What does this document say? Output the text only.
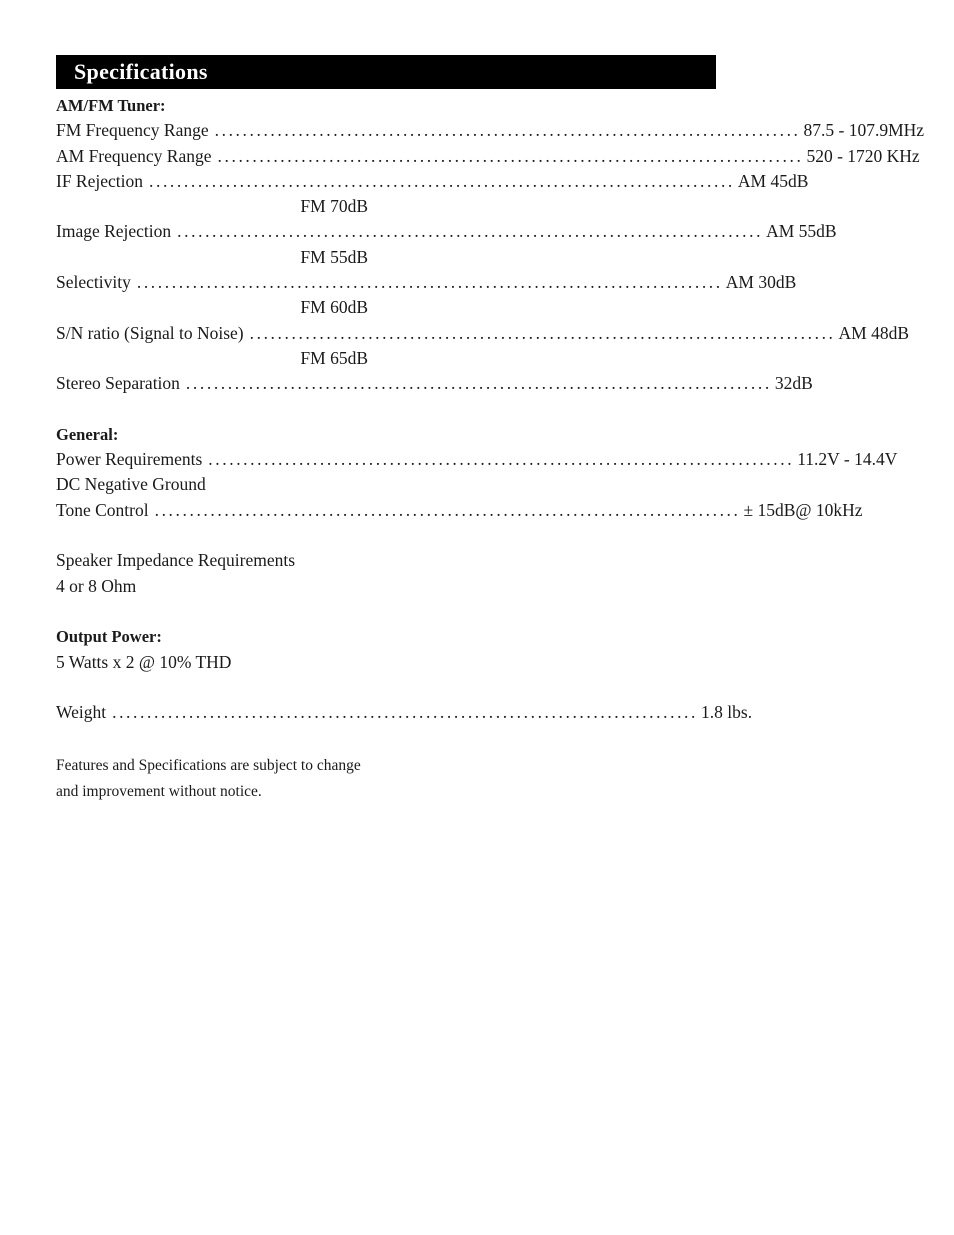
Specifications
AM/FM Tuner:
FM Frequency Range .................................................................................... 87.5 - 107.9MHz
AM Frequency Range .................................................................................... 520 - 1720 KHz
IF Rejection .................................................................................... AM 45dB
FM 70dB
Image Rejection .................................................................................... AM 55dB
FM 55dB
Selectivity .................................................................................... AM 30dB
FM 60dB
S/N ratio (Signal to Noise) .................................................................................... AM 48dB
FM 65dB
Stereo Separation .................................................................................... 32dB
General:
Power Requirements .................................................................................... 11.2V - 14.4V
DC Negative Ground
Tone Control .................................................................................... ± 15dB@ 10kHz
Speaker Impedance Requirements
4 or 8 Ohm
Output Power:
5 Watts x 2 @ 10% THD
Weight .................................................................................... 1.8 lbs.
Features and Specifications are subject to change and improvement without notice.
